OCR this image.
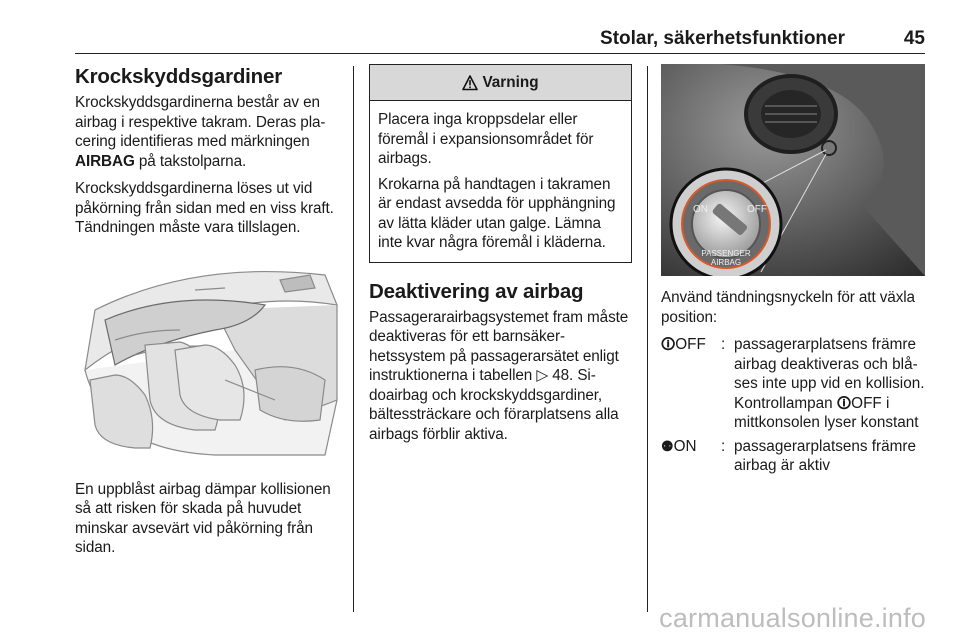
Stolar, säkerhetsfunktioner	45
Krockskyddsgardiner

Krockskyddsgardinerna består av en airbag i respektive takram. Deras placering identifieras med märkningen AIRBAG på takstolparna.

Krockskyddsgardinerna löses ut vid påkörning från sidan med en viss kraft. Tändningen måste vara tillslagen.

En uppblåst airbag dämpar kollisionen så att risken för skada på huvudet minskar avsevärt vid påkörning från sidan.

Varning

Placera inga kroppsdelar eller föremål i expansionsområdet för airbags.

Krokarna på handtagen i takramen är endast avsedda för upphängning av lätta kläder utan galge. Lämna inte kvar några föremål i kläderna.

Deaktivering av airbag

Passagerarairbagsystemet fram måste deaktiveras för ett barnsäkerhetssystem på passagerarsätet enligt instruktionerna i tabellen ▷ 48. Sidoairbag och krockskyddsgardiner, bältessträckare och förarplatsens alla airbags förblir aktiva.

ON	OFF
PASSENGER
AIRBAG

Använd tändningsnyckeln för att växla position:

🛈︎OFF : passagerarplatsens främre airbag deaktiveras och blåses inte upp vid en kollision. Kontrollampan 🛈︎OFF i mittkonsolen lyser konstant
⚉ON	: passagerarplatsens främre airbag är aktiv
carmanualsonline.info
